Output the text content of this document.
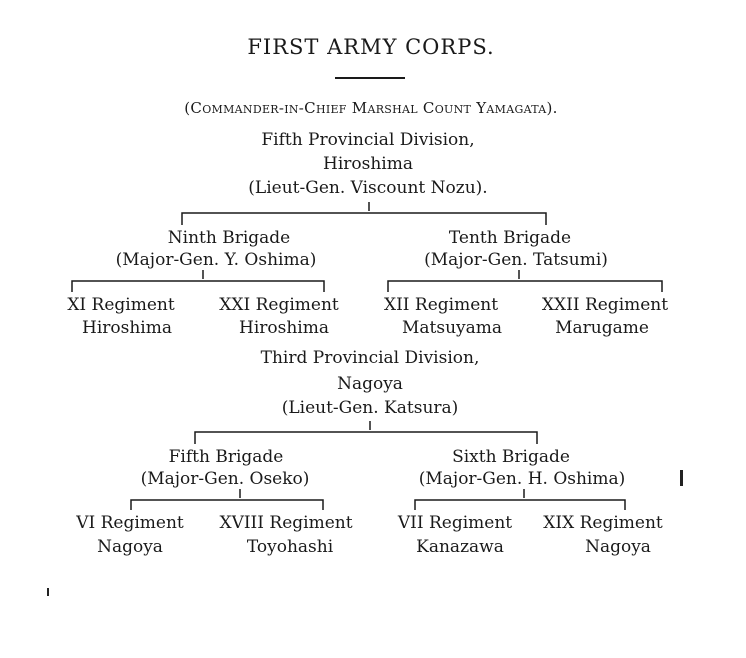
FIRST ARMY CORPS.
(Commander-in-Chief Marshal Count Yamagata).
Fifth Provincial Division,
Hiroshima
(Lieut-Gen. Viscount Nozu).
Ninth Brigade
(Major-Gen. Y. Oshima)
Tenth Brigade
(Major-Gen. Tatsumi)
XI Regiment
Hiroshima
XXI Regiment
Hiroshima
XII Regiment
Matsuyama
XXII Regiment
Marugame
Third Provincial Division,
Nagoya
(Lieut-Gen. Katsura)
Fifth Brigade
(Major-Gen. Oseko)
Sixth Brigade
(Major-Gen. H. Oshima)
VI Regiment
Nagoya
XVIII Regiment
Toyohashi
VII Regiment
Kanazawa
XIX Regiment
Nagoya
